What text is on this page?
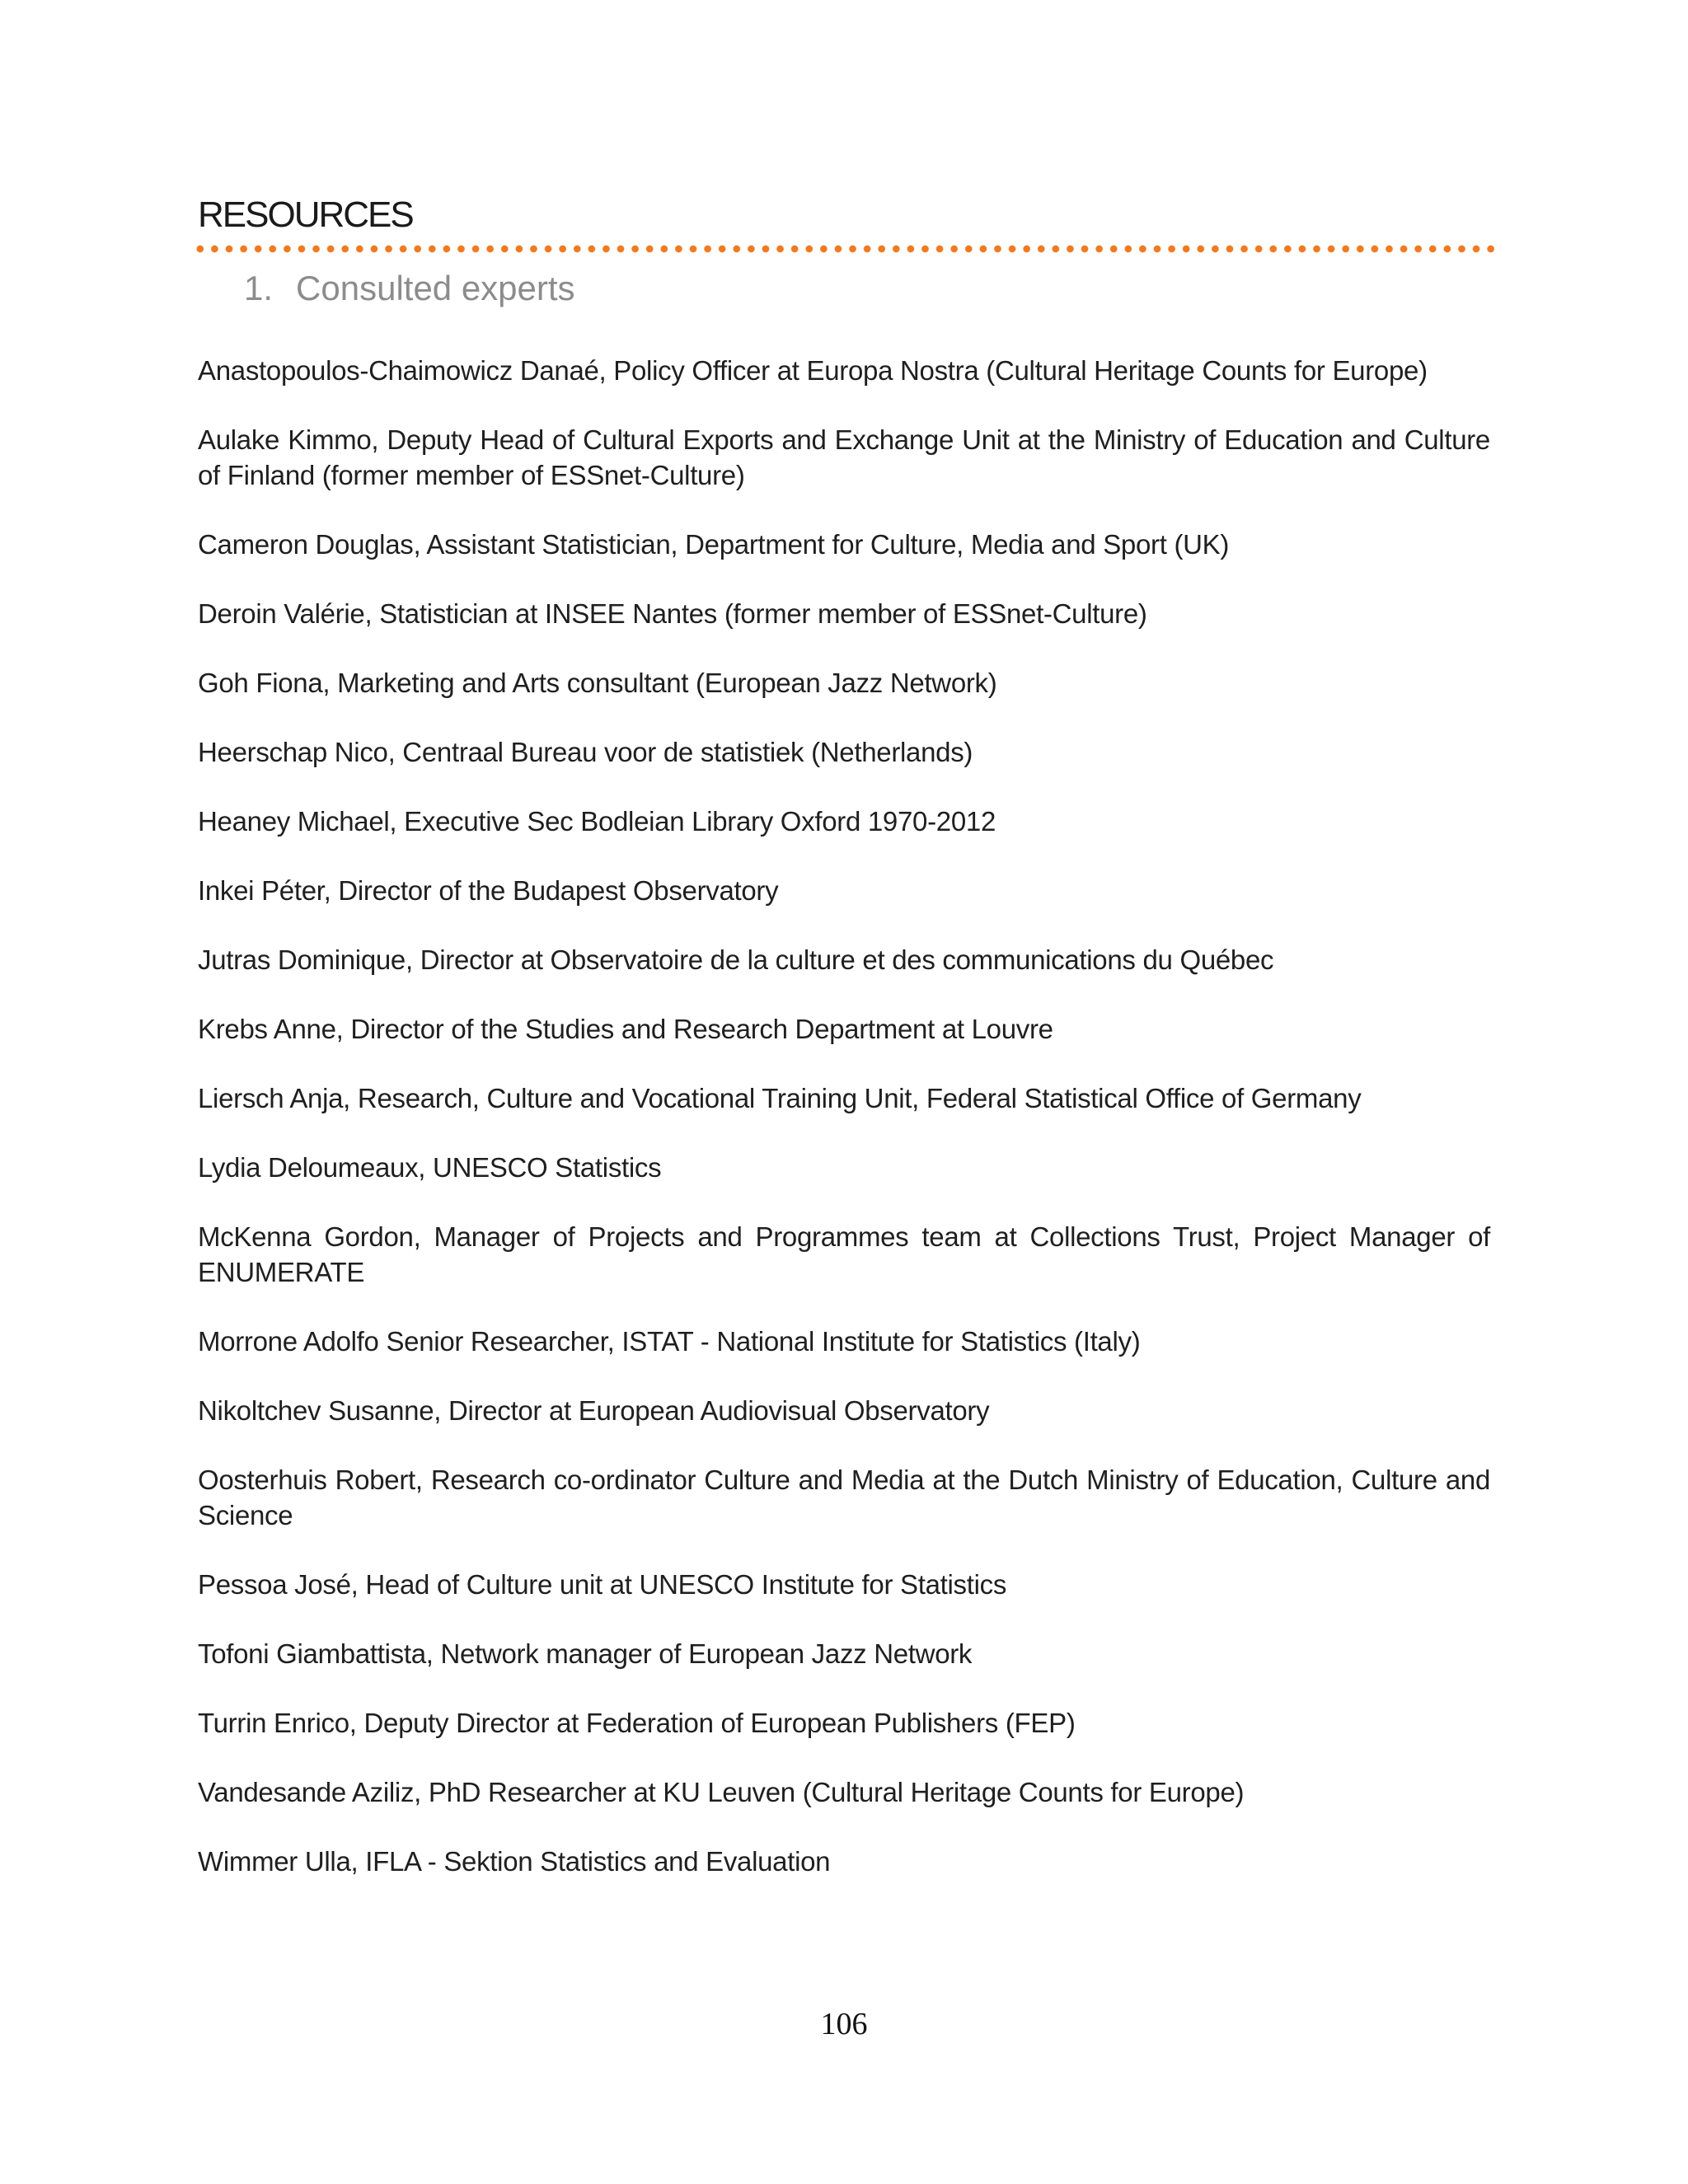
RESOURCES
1. Consulted experts
Anastopoulos-Chaimowicz Danaé, Policy Officer at Europa Nostra (Cultural Heritage Counts for Europe)
Aulake Kimmo, Deputy Head of Cultural Exports and Exchange Unit at the Ministry of Education and Culture of Finland (former member of ESSnet-Culture)
Cameron Douglas, Assistant Statistician, Department for Culture, Media and Sport (UK)
Deroin Valérie, Statistician at INSEE Nantes (former member of ESSnet-Culture)
Goh Fiona, Marketing and Arts consultant (European Jazz Network)
Heerschap Nico, Centraal Bureau voor de statistiek (Netherlands)
Heaney Michael, Executive Sec Bodleian Library Oxford 1970-2012
Inkei Péter, Director of the Budapest Observatory
Jutras Dominique, Director at Observatoire de la culture et des communications du Québec
Krebs Anne, Director of the Studies and Research Department at Louvre
Liersch Anja, Research, Culture and Vocational Training Unit, Federal Statistical Office of Germany
Lydia Deloumeaux, UNESCO Statistics
McKenna Gordon, Manager of Projects and Programmes team at Collections Trust, Project Manager of ENUMERATE
Morrone Adolfo Senior Researcher, ISTAT - National Institute for Statistics (Italy)
Nikoltchev Susanne, Director at European Audiovisual Observatory
Oosterhuis Robert, Research co-ordinator Culture and Media at the Dutch Ministry of Education, Culture and Science
Pessoa José, Head of Culture unit at UNESCO Institute for Statistics
Tofoni Giambattista, Network manager of European Jazz Network
Turrin Enrico, Deputy Director at Federation of European Publishers (FEP)
Vandesande Aziliz, PhD Researcher at KU Leuven (Cultural Heritage Counts for Europe)
Wimmer Ulla, IFLA - Sektion Statistics and Evaluation
106
